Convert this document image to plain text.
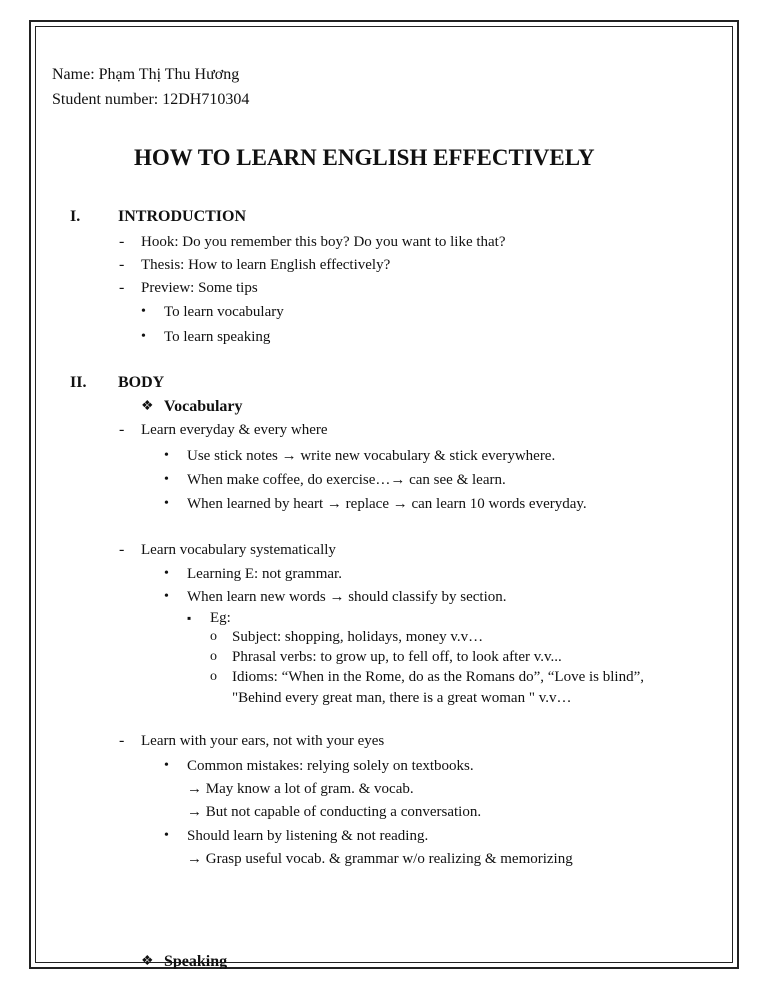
Name: Phạm Thị Thu Hương
Student number: 12DH710304
HOW TO LEARN ENGLISH EFFECTIVELY
I. INTRODUCTION
- Hook: Do you remember this boy? Do you want to like that?
- Thesis: How to learn English effectively?
- Preview: Some tips
• To learn vocabulary
• To learn speaking
II. BODY
❖ Vocabulary
- Learn everyday & every where
• Use stick notes → write new vocabulary & stick everywhere.
• When make coffee, do exercise…→ can see & learn.
• When learned by heart → replace → can learn 10 words everyday.
- Learn vocabulary systematically
• Learning E: not grammar.
• When learn new words → should classify by section.
▪ Eg:
o Subject: shopping, holidays, money v.v…
o Phrasal verbs: to grow up, to fell off, to look after v.v...
o Idioms: “When in the Rome, do as the Romans do”, “Love is blind”,
"Behind every great man, there is a great woman " v.v…
- Learn with your ears, not with your eyes
• Common mistakes: relying solely on textbooks.
→ May know a lot of gram. & vocab.
→ But not capable of conducting a conversation.
• Should learn by listening & not reading.
→ Grasp useful vocab. & grammar w/o realizing & memorizing
❖ Speaking
